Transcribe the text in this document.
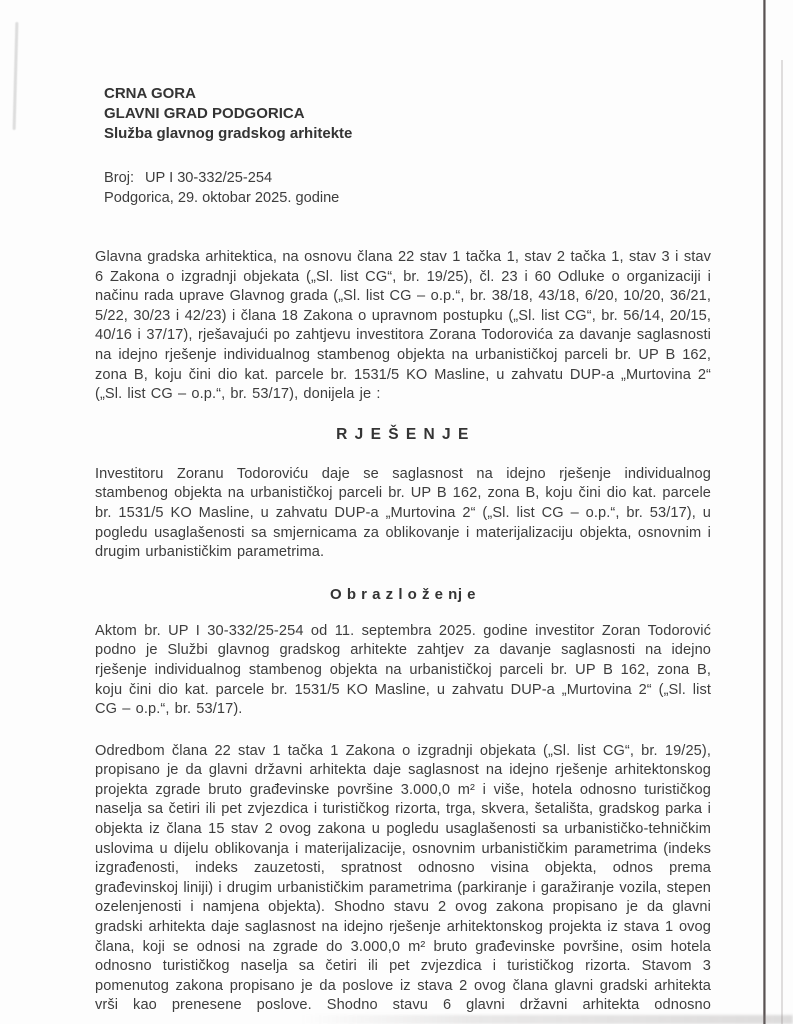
CRNA GORA
GLAVNI GRAD PODGORICA
Služba glavnog gradskog arhitekte
Broj: UP I 30-332/25-254
Podgorica, 29. oktobar 2025. godine

Glavna gradska arhitektica, na osnovu člana 22 stav 1 tačka 1, stav 2 tačka 1, stav 3 i stav 6 Zakona o izgradnji objekata („Sl. list CG“, br. 19/25), čl. 23 i 60 Odluke o organizaciji i načinu rada uprave Glavnog grada („Sl. list CG – o.p.“, br. 38/18, 43/18, 6/20, 10/20, 36/21, 5/22, 30/23 i 42/23) i člana 18 Zakona o upravnom postupku („Sl. list CG“, br. 56/14, 20/15, 40/16 i 37/17), rješavajući po zahtjevu investitora Zorana Todorovića za davanje saglasnosti na idejno rješenje individualnog stambenog objekta na urbanističkoj parceli br. UP B 162, zona B, koju čini dio kat. parcele br. 1531/5 KO Masline, u zahvatu DUP-a „Murtovina 2“ („Sl. list CG – o.p.“, br. 53/17), donijela je :

R J E Š E N J E

Investitoru Zoranu Todoroviću daje se saglasnost na idejno rješenje individualnog stambenog objekta na urbanističkoj parceli br. UP B 162, zona B, koju čini dio kat. parcele br. 1531/5 KO Masline, u zahvatu DUP-a „Murtovina 2“ („Sl. list CG – o.p.“, br. 53/17), u pogledu usaglašenosti sa smjernicama za oblikovanje i materijalizaciju objekta, osnovnim i drugim urbanističkim parametrima.

O b r a z l o ž e nj e

Aktom br. UP I 30-332/25-254 od 11. septembra 2025. godine investitor Zoran Todorović podno je Službi glavnog gradskog arhitekte zahtjev za davanje saglasnosti na idejno rješenje individualnog stambenog objekta na urbanističkoj parceli br. UP B 162, zona B, koju čini dio kat. parcele br. 1531/5 KO Masline, u zahvatu DUP-a „Murtovina 2“ („Sl. list CG – o.p.“, br. 53/17).

Odredbom člana 22 stav 1 tačka 1 Zakona o izgradnji objekata („Sl. list CG“, br. 19/25), propisano je da glavni državni arhitekta daje saglasnost na idejno rješenje arhitektonskog projekta zgrade bruto građevinske površine 3.000,0 m² i više, hotela odnosno turističkog naselja sa četiri ili pet zvjezdica i turističkog rizorta, trga, skvera, šetališta, gradskog parka i objekta iz člana 15 stav 2 ovog zakona u pogledu usaglašenosti sa urbanističko-tehničkim uslovima u dijelu oblikovanja i materijalizacije, osnovnim urbanističkim parametrima (indeks izgrađenosti, indeks zauzetosti, spratnost odnosno visina objekta, odnos prema građevinskoj liniji) i drugim urbanističkim parametrima (parkiranje i garažiranje vozila, stepen ozelenjenosti i namjena objekta). Shodno stavu 2 ovog zakona propisano je da glavni gradski arhitekta daje saglasnost na idejno rješenje arhitektonskog projekta iz stava 1 ovog člana, koji se odnosi na zgrade do 3.000,0 m² bruto građevinske površine, osim hotela odnosno turističkog naselja sa četiri ili pet zvjezdica i turističkog rizorta. Stavom 3 pomenutog zakona propisano je da poslove iz stava 2 ovog člana glavni gradski arhitekta vrši kao prenesene poslove. Shodno stavu 6 glavni državni arhitekta odnosno
